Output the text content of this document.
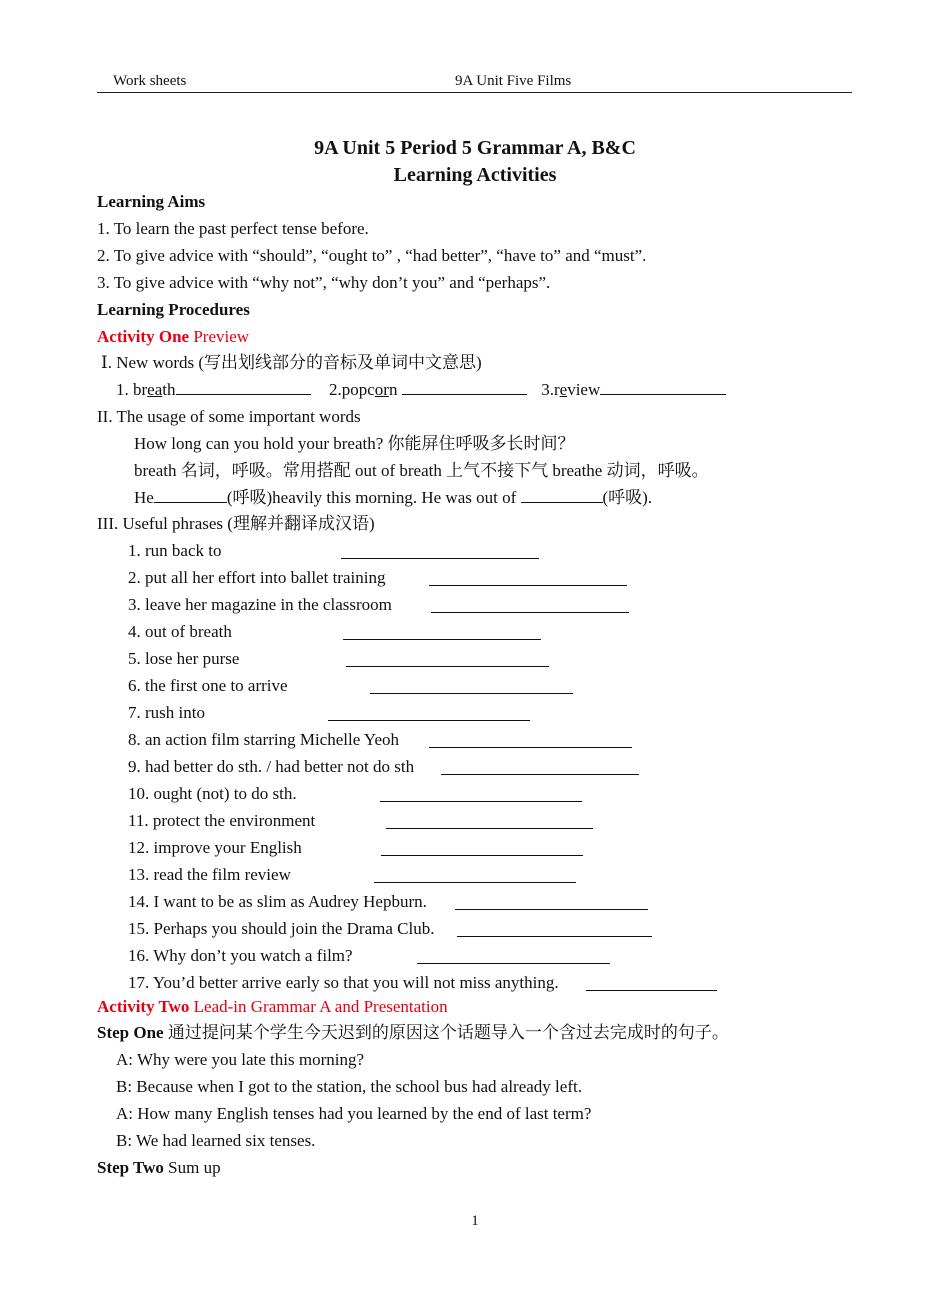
Work sheets	9A Unit Five Films
9A Unit 5 Period 5 Grammar A, B&C
Learning Activities
Learning Aims
1. To learn the past perfect tense before.
2. To give advice with “should”, “ought to” , “had better”, “have to” and “must”.
3. To give advice with “why not”, “why don’t you” and “perhaps”.
Learning Procedures
Activity One Preview
Ⅰ. New words (写出划线部分的音标及单词中文意思)
1. breath	2.popcorn	3.review
II. The usage of some important words
How long can you hold your breath? 你能屏住呼吸多长时间？
breath 名词，呼吸。常用搭配 out of breath 上气不接下气 breathe 动词，呼吸。
He	(呼吸)heavily this morning. He was out of	(呼吸).
III. Useful phrases (理解并翻译成汉语)
1. run back to
2. put all her effort into ballet training
3. leave her magazine in the classroom
4. out of breath
5. lose her purse
6. the first one to arrive
7. rush into
8. an action film starring Michelle Yeoh
9. had better do sth. / had better not do sth
10. ought (not) to do sth.
11. protect the environment
12. improve your English
13. read the film review
14. I want to be as slim as Audrey Hepburn.
15. Perhaps you should join the Drama Club.
16. Why don’t you watch a film?
17. You’d better arrive early so that you will not miss anything.
Activity Two Lead-in Grammar A and Presentation
Step One 通过提问某个学生今天迟到的原因这个话题导入一个含过去完成时的句子。
A: Why were you late this morning?
B: Because when I got to the station, the school bus had already left.
A: How many English tenses had you learned by the end of last term?
B: We had learned six tenses.
Step Two Sum up
1
